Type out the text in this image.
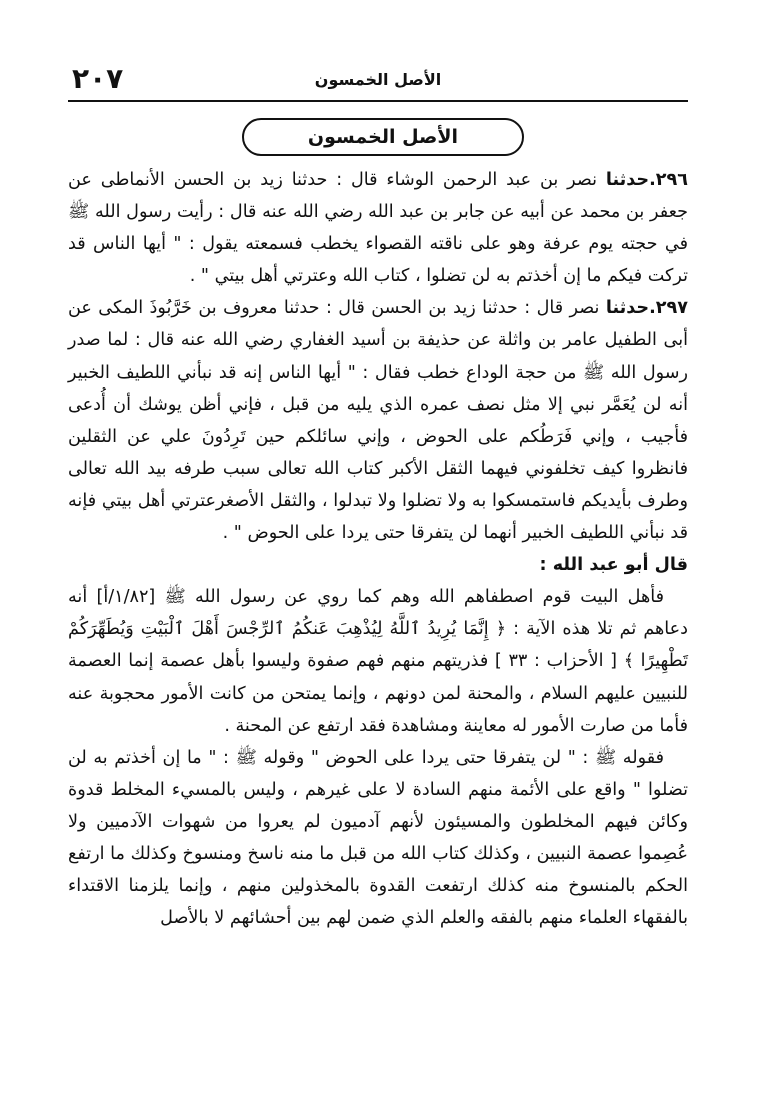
٢٠٧	الأصل الخمسون
الأصل الخمسون

٢٩٦.حدثنا نصر بن عبد الرحمن الوشاء قال : حدثنا زيد بن الحسن الأنماطى عن جعفر بن محمد عن أبيه عن جابر بن عبد الله رضي الله عنه قال : رأيت رسول الله ﷺ في حجته يوم عرفة وهو على ناقته القصواء يخطب فسمعته يقول : " أيها الناس قد تركت فيكم ما إن أخذتم به لن تضلوا ، كتاب الله وعترتي أهل بيتي " .

٢٩٧.حدثنا نصر قال : حدثنا زيد بن الحسن قال : حدثنا معروف بن خَرَّبُوذَ المكى عن أبى الطفيل عامر بن واثلة عن حذيفة بن أسيد الغفاري رضي الله عنه قال : لما صدر رسول الله ﷺ من حجة الوداع خطب فقال : " أيها الناس إنه قد نبأني اللطيف الخبير أنه لن يُعَمَّر نبي إلا مثل نصف عمره الذي يليه من قبل ، فإني أظن يوشك أن أُدعى فأجيب ، وإني فَرَطُكم على الحوض ، وإني سائلكم حين تَرِدُونَ علي عن الثقلين فانظروا كيف تخلفوني فيهما الثقل الأكبر كتاب الله تعالى سبب طرفه بيد الله تعالى وطرف بأيديكم فاستمسكوا به ولا تضلوا ولا تبدلوا ، والثقل الأصغرعترتي أهل بيتي فإنه قد نبأني اللطيف الخبير أنهما لن يتفرقا حتى يردا على الحوض " .

قال أبو عبد الله :

فأهل البيت قوم اصطفاهم الله وهم كما روي عن رسول الله ﷺ [١/٨٢/أ] أنه دعاهم ثم تلا هذه الآية : ﴿ إِنَّمَا يُرِيدُ ٱللَّهُ لِيُذْهِبَ عَنكُمُ ٱلرِّجْسَ أَهْلَ ٱلْبَيْتِ وَيُطَهِّرَكُمْ تَطْهِيرًا ﴾ [ الأحزاب : ٣٣ ] فذريتهم منهم فهم صفوة وليسوا بأهل عصمة إنما العصمة للنبيين عليهم السلام ، والمحنة لمن دونهم ، وإنما يمتحن من كانت الأمور محجوبة عنه فأما من صارت الأمور له معاينة ومشاهدة فقد ارتفع عن المحنة .

فقوله ﷺ : " لن يتفرقا حتى يردا على الحوض " وقوله ﷺ : " ما إن أخذتم به لن تضلوا " واقع على الأئمة منهم السادة لا على غيرهم ، وليس بالمسيء المخلط قدوة وكائن فيهم المخلطون والمسيئون لأنهم آدميون لم يعروا من شهوات الآدميين ولا عُصِموا عصمة النبيين ، وكذلك كتاب الله من قبل ما منه ناسخ ومنسوخ وكذلك ما ارتفع الحكم بالمنسوخ منه كذلك ارتفعت القدوة بالمخذولين منهم ، وإنما يلزمنا الاقتداء بالفقهاء العلماء منهم بالفقه والعلم الذي ضمن لهم بين أحشائهم لا بالأصل
